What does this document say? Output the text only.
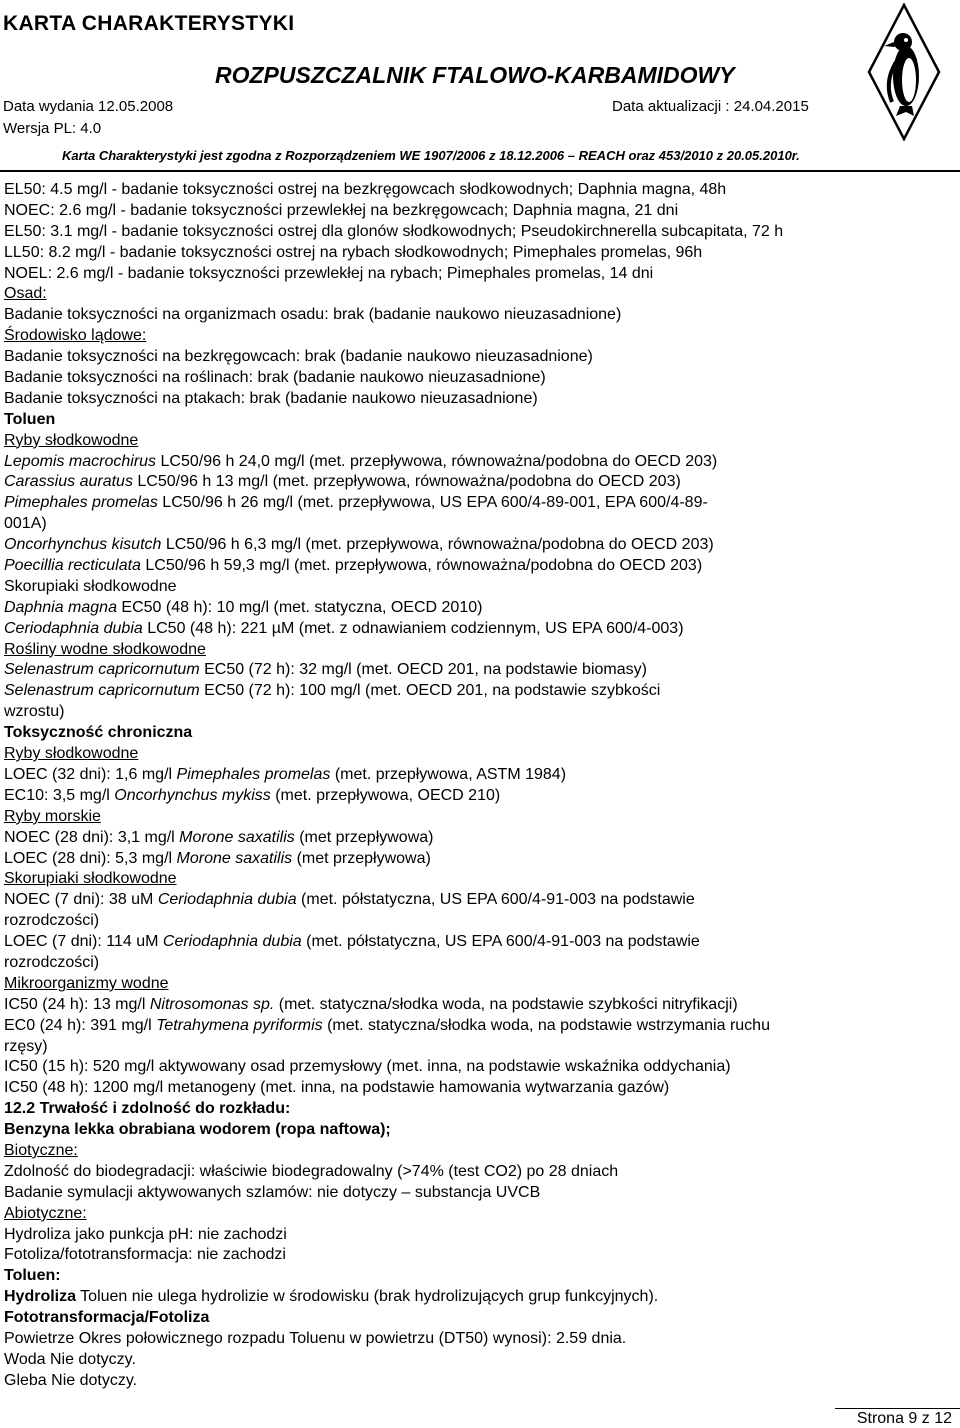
KARTA CHARAKTERYSTYKI
ROZPUSZCZALNIK FTALOWO-KARBAMIDOWY
Data wydania 12.05.2008	Data aktualizacji : 24.04.2015
Wersja PL: 4.0
Karta Charakterystyki jest zgodna z Rozporządzeniem WE 1907/2006 z 18.12.2006 – REACH oraz 453/2010 z 20.05.2010r.
EL50: 4.5 mg/l - badanie toksyczności ostrej na bezkręgowcach słodkowodnych; Daphnia magna, 48h
NOEC: 2.6 mg/l - badanie toksyczności przewlekłej na bezkręgowcach; Daphnia magna, 21 dni
EL50: 3.1 mg/l - badanie toksyczności ostrej dla glonów słodkowodnych; Pseudokirchnerella subcapitata, 72 h
LL50: 8.2 mg/l - badanie toksyczności ostrej na rybach słodkowodnych; Pimephales promelas, 96h
NOEL: 2.6 mg/l - badanie toksyczności przewlekłej na rybach; Pimephales promelas, 14 dni
Osad:
Badanie toksyczności na organizmach osadu: brak (badanie naukowo nieuzasadnione)
Środowisko lądowe:
Badanie toksyczności na bezkręgowcach: brak (badanie naukowo nieuzasadnione)
Badanie toksyczności na roślinach: brak (badanie naukowo nieuzasadnione)
Badanie toksyczności na ptakach: brak (badanie naukowo nieuzasadnione)
Toluen
Ryby słodkowodne
Lepomis macrochirus LC50/96 h 24,0 mg/l (met. przepływowa, równoważna/podobna do OECD 203)
Carassius auratus LC50/96 h 13 mg/l (met. przepływowa, równoważna/podobna do OECD 203)
Pimephales promelas LC50/96 h 26 mg/l (met. przepływowa, US EPA 600/4-89-001, EPA 600/4-89-
001A)
Oncorhynchus kisutch LC50/96 h 6,3 mg/l (met. przepływowa, równoważna/podobna do OECD 203)
Poecillia recticulata LC50/96 h 59,3 mg/l (met. przepływowa, równoważna/podobna do OECD 203)
Skorupiaki słodkowodne
Daphnia magna EC50 (48 h): 10 mg/l (met. statyczna, OECD 2010)
Ceriodaphnia dubia LC50 (48 h): 221 µM (met. z odnawianiem codziennym, US EPA 600/4-003)
Rośliny wodne słodkowodne
Selenastrum capricornutum EC50 (72 h): 32 mg/l (met. OECD 201, na podstawie biomasy)
Selenastrum capricornutum EC50 (72 h): 100 mg/l (met. OECD 201, na podstawie szybkości
wzrostu)
Toksyczność chroniczna
Ryby słodkowodne
LOEC (32 dni): 1,6 mg/l Pimephales promelas (met. przepływowa, ASTM 1984)
EC10: 3,5 mg/l Oncorhynchus mykiss (met. przepływowa, OECD 210)
Ryby morskie
NOEC (28 dni): 3,1 mg/l Morone saxatilis (met przepływowa)
LOEC (28 dni): 5,3 mg/l Morone saxatilis (met przepływowa)
Skorupiaki słodkowodne
NOEC (7 dni): 38 uM Ceriodaphnia dubia (met. półstatyczna, US EPA 600/4-91-003 na podstawie
rozrodczości)
LOEC (7 dni): 114 uM Ceriodaphnia dubia (met. półstatyczna, US EPA 600/4-91-003 na podstawie
rozrodczości)
Mikroorganizmy wodne
IC50 (24 h): 13 mg/l Nitrosomonas sp. (met. statyczna/słodka woda, na podstawie szybkości nitryfikacji)
EC0 (24 h): 391 mg/l Tetrahymena pyriformis (met. statyczna/słodka woda, na podstawie wstrzymania ruchu
rzęsy)
IC50 (15 h): 520 mg/l aktywowany osad przemysłowy (met. inna, na podstawie wskaźnika oddychania)
IC50 (48 h): 1200 mg/l metanogeny (met. inna, na podstawie hamowania wytwarzania gazów)
12.2 Trwałość i zdolność do rozkładu:
Benzyna lekka obrabiana wodorem (ropa naftowa);
Biotyczne:
Zdolność do biodegradacji: właściwie biodegradowalny (>74% (test CO2) po 28 dniach
Badanie symulacji aktywowanych szlamów: nie dotyczy – substancja UVCB
Abiotyczne:
Hydroliza jako punkcja pH: nie zachodzi
Fotoliza/fototransformacja: nie zachodzi
Toluen:
Hydroliza Toluen nie ulega hydrolizie w środowisku (brak hydrolizujących grup funkcyjnych).
Fototransformacja/Fotoliza
Powietrze Okres połowicznego rozpadu Toluenu w powietrzu (DT50) wynosi): 2.59 dnia.
Woda Nie dotyczy.
Gleba Nie dotyczy.
Strona 9 z 12
